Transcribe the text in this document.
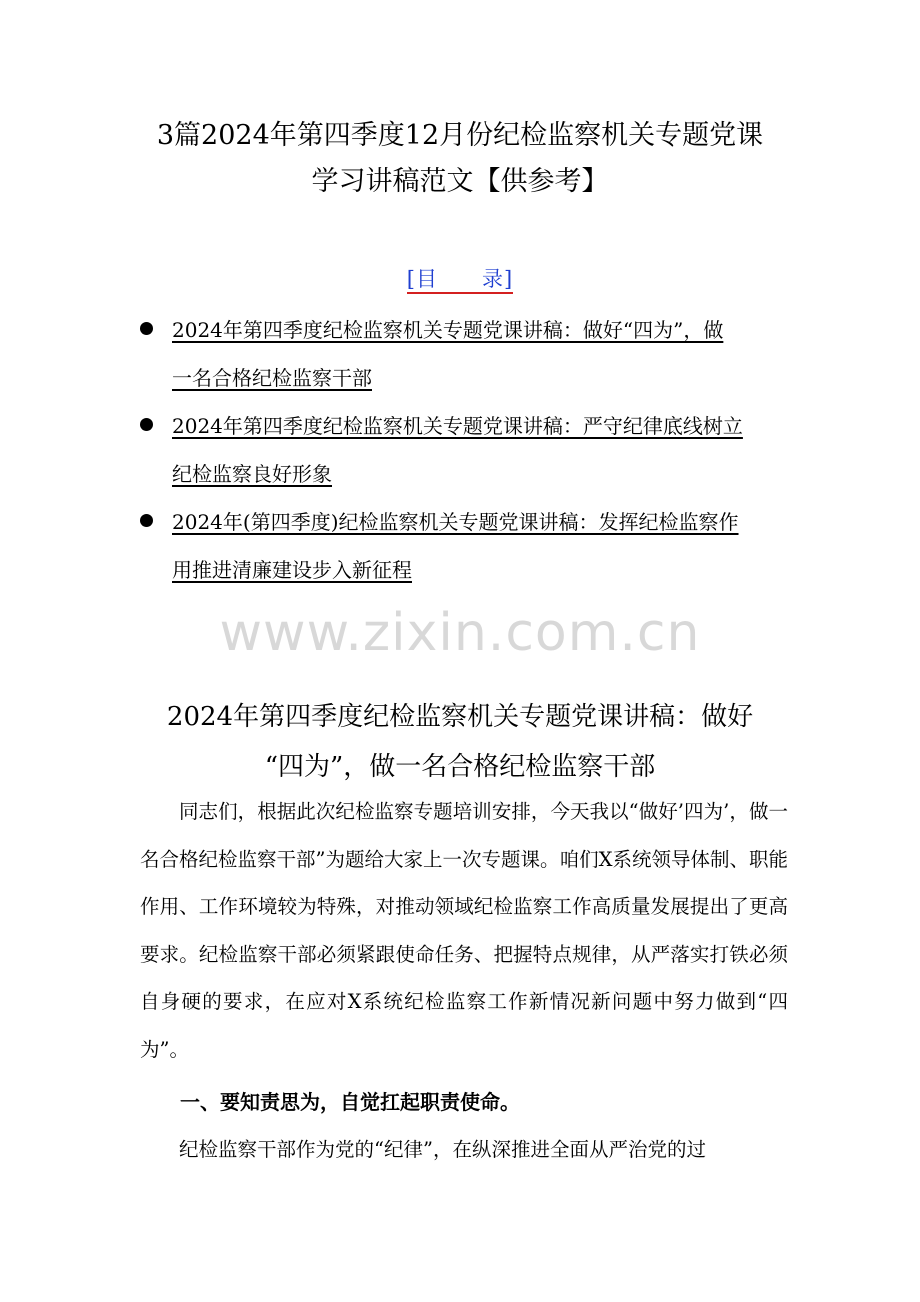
3篇2024年第四季度12月份纪检监察机关专题党课
学习讲稿范文【供参考】
[目　　录]
2024年第四季度纪检监察机关专题党课讲稿：做好“四为”，做
一名合格纪检监察干部
2024年第四季度纪检监察机关专题党课讲稿：严守纪律底线树立
纪检监察良好形象
2024年(第四季度)纪检监察机关专题党课讲稿：发挥纪检监察作
用推进清廉建设步入新征程
www.zixin.com.cn
2024年第四季度纪检监察机关专题党课讲稿：做好
“四为”，做一名合格纪检监察干部

同志们，根据此次纪检监察专题培训安排，今天我以“做好’四为’，做一名合格纪检监察干部”为题给大家上一次专题课。咱们X系统领导体制、职能作用、工作环境较为特殊，对推动领域纪检监察工作高质量发展提出了更高要求。纪检监察干部必须紧跟使命任务、把握特点规律，从严落实打铁必须自身硬的要求，在应对X系统纪检监察工作新情况新问题中努力做到“四为”。

一、要知责思为，自觉扛起职责使命。

纪检监察干部作为党的“纪律”，在纵深推进全面从严治党的过
